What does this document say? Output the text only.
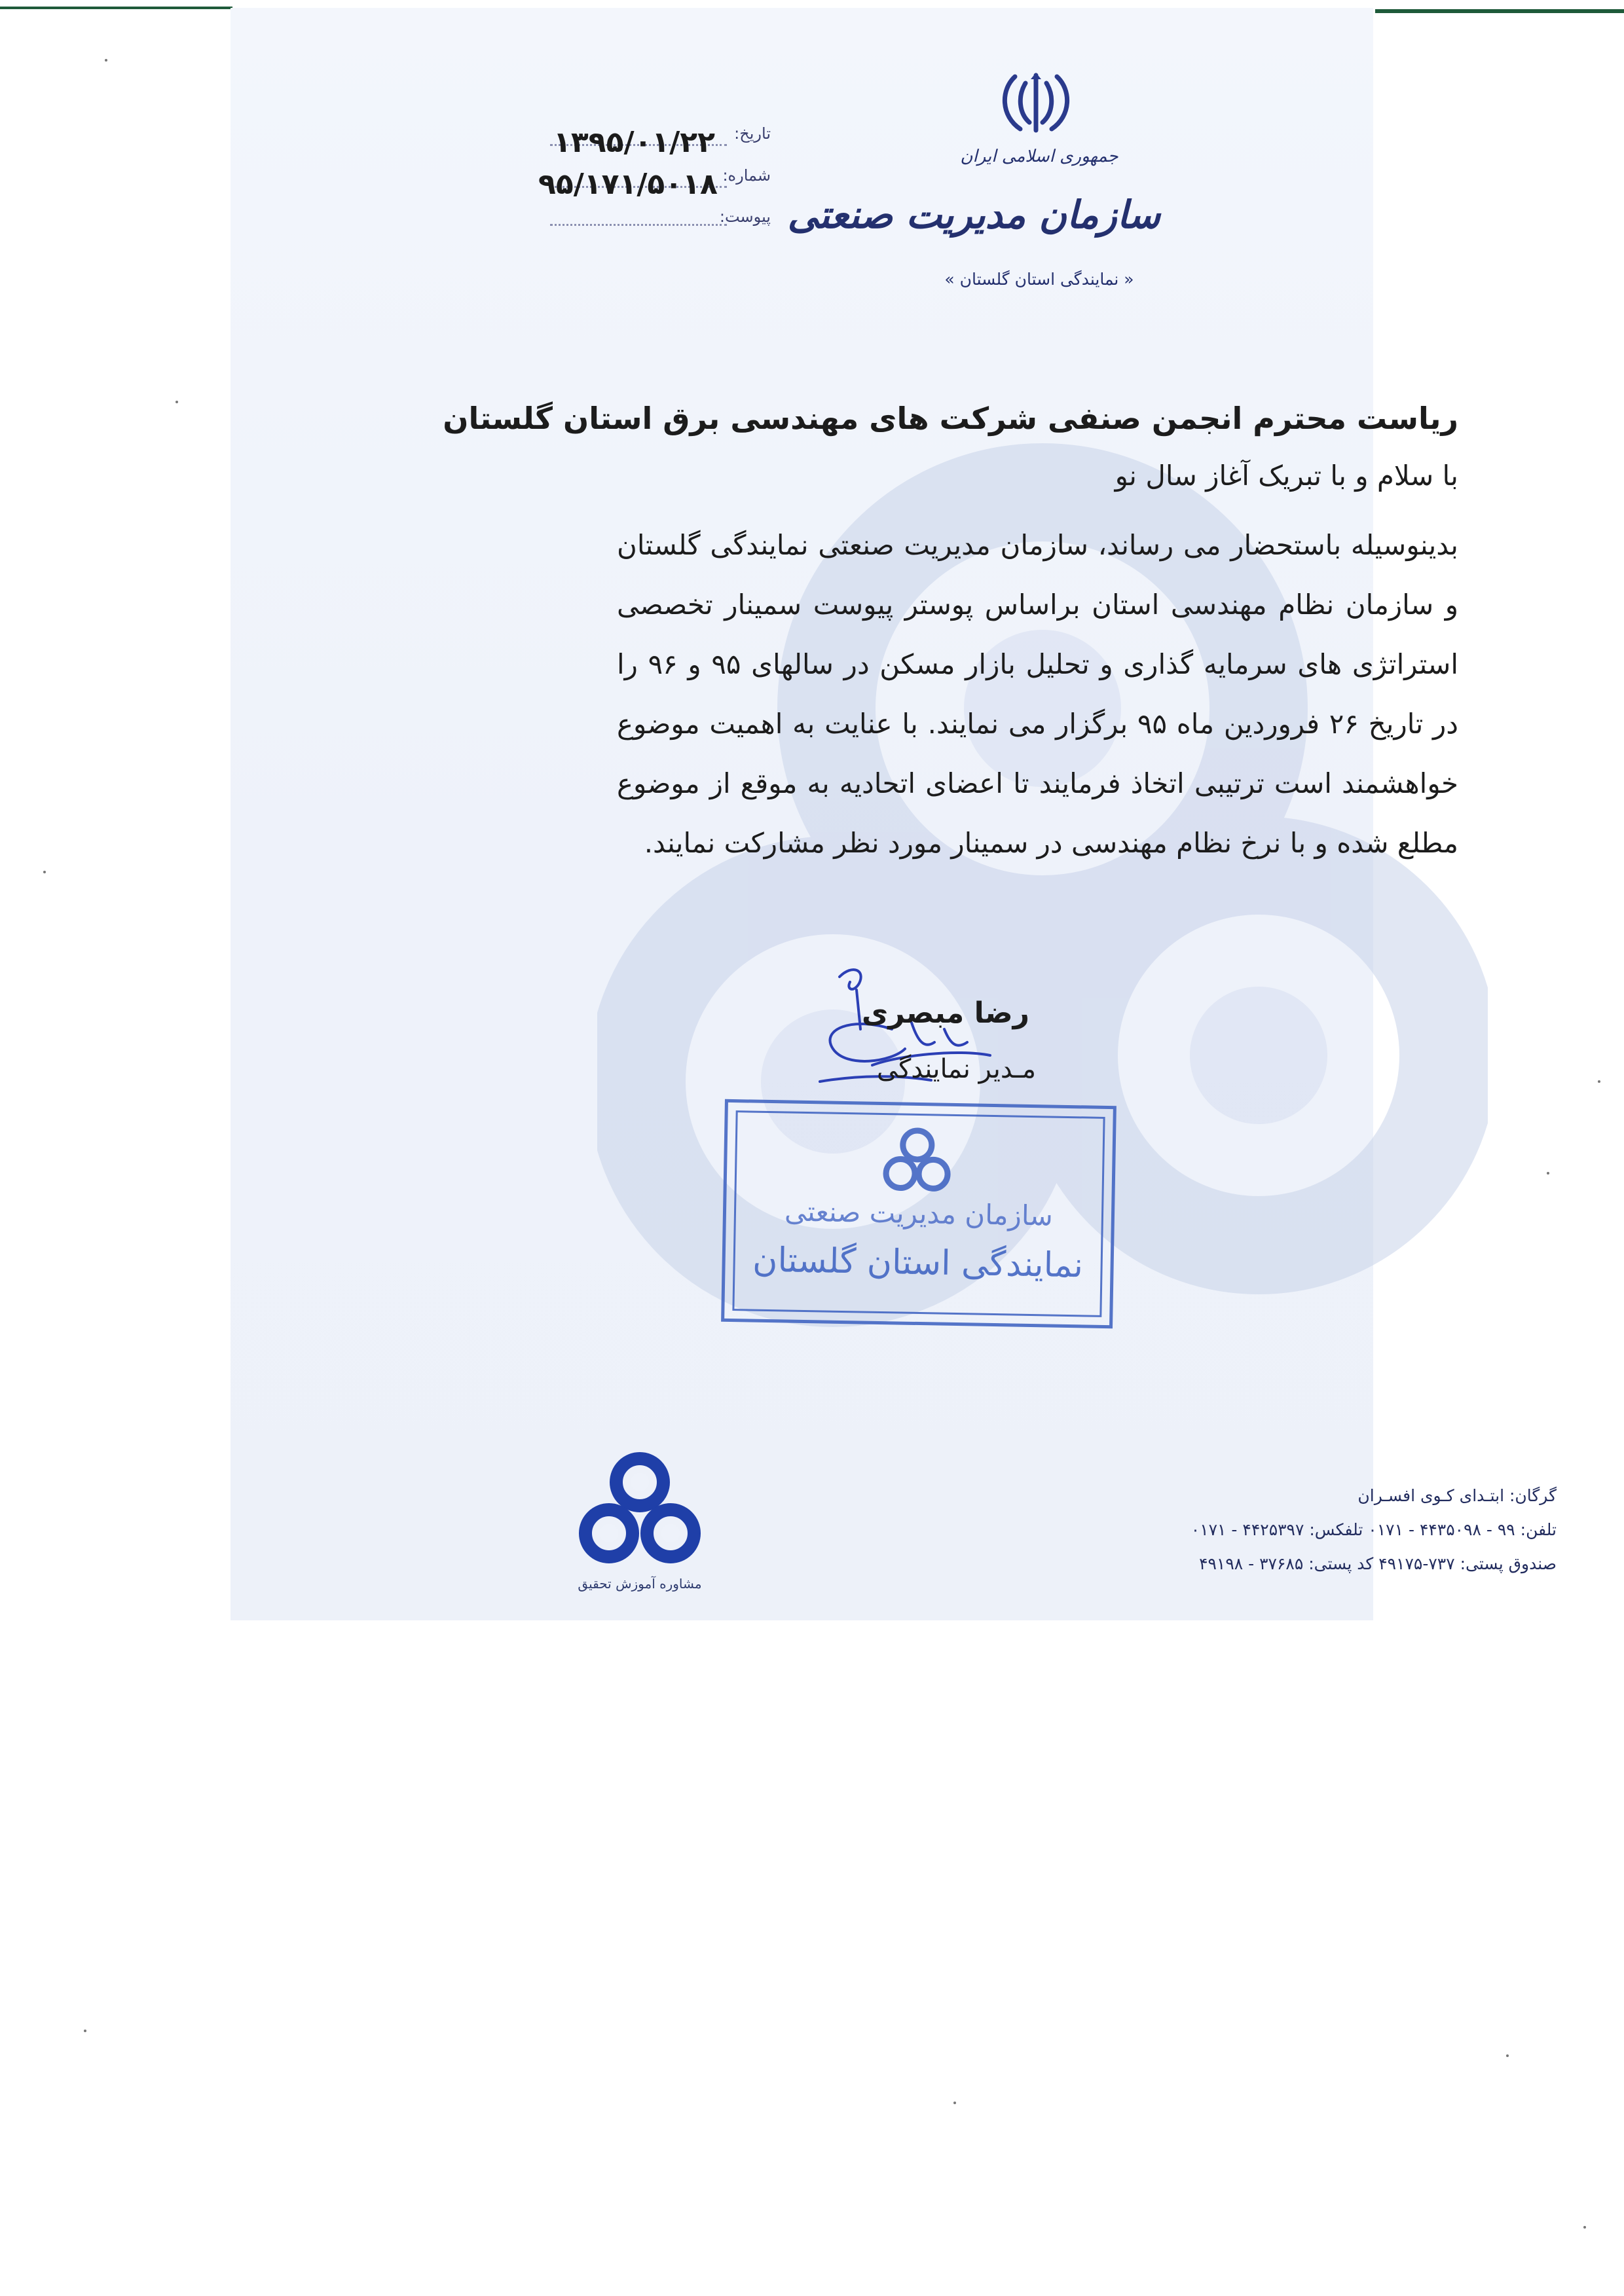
جمهوری اسلامی ایران
سازمان مدیریت صنعتی
« نمایندگی استان گلستان »
تاریخ:
۱۳۹۵/۰۱/۲۲
شماره:
۹۵/۱۷۱/۵۰۱۸
پیوست:
ریاست محترم انجمن صنفی شرکت های مهندسی برق استان گلستان
با سلام و با تبریک آغاز سال نو
بدینوسیله باستحضار می رساند، سازمان مدیریت صنعتی نمایندگی گلستان و سازمان نظام مهندسی استان براساس پوستر پیوست سمینار تخصصی استراتژی های سرمایه گذاری و تحلیل بازار مسکن در سالهای ۹۵ و ۹۶ را در تاریخ ۲۶ فروردین ماه ۹۵ برگزار می نمایند. با عنایت به اهمیت موضوع خواهشمند است ترتیبی اتخاذ فرمایند تا اعضای اتحادیه به موقع از موضوع مطلع شده و با نرخ نظام مهندسی در سمینار مورد نظر مشارکت نمایند.
رضا مبصری
مـدیر نمایندگی
سازمان مدیریت صنعتی
نمایندگی استان گلستان
مشاوره آموزش تحقیق
گرگان: ابتـدای کـوی افسـران
تلفن: ۹۹ - ۴۴۳۵۰۹۸ - ۰۱۷۱ تلفکس: ۴۴۲۵۳۹۷ - ۰۱۷۱
صندوق پستی: ۷۳۷-۴۹۱۷۵ کد پستی: ۳۷۶۸۵ - ۴۹۱۹۸
